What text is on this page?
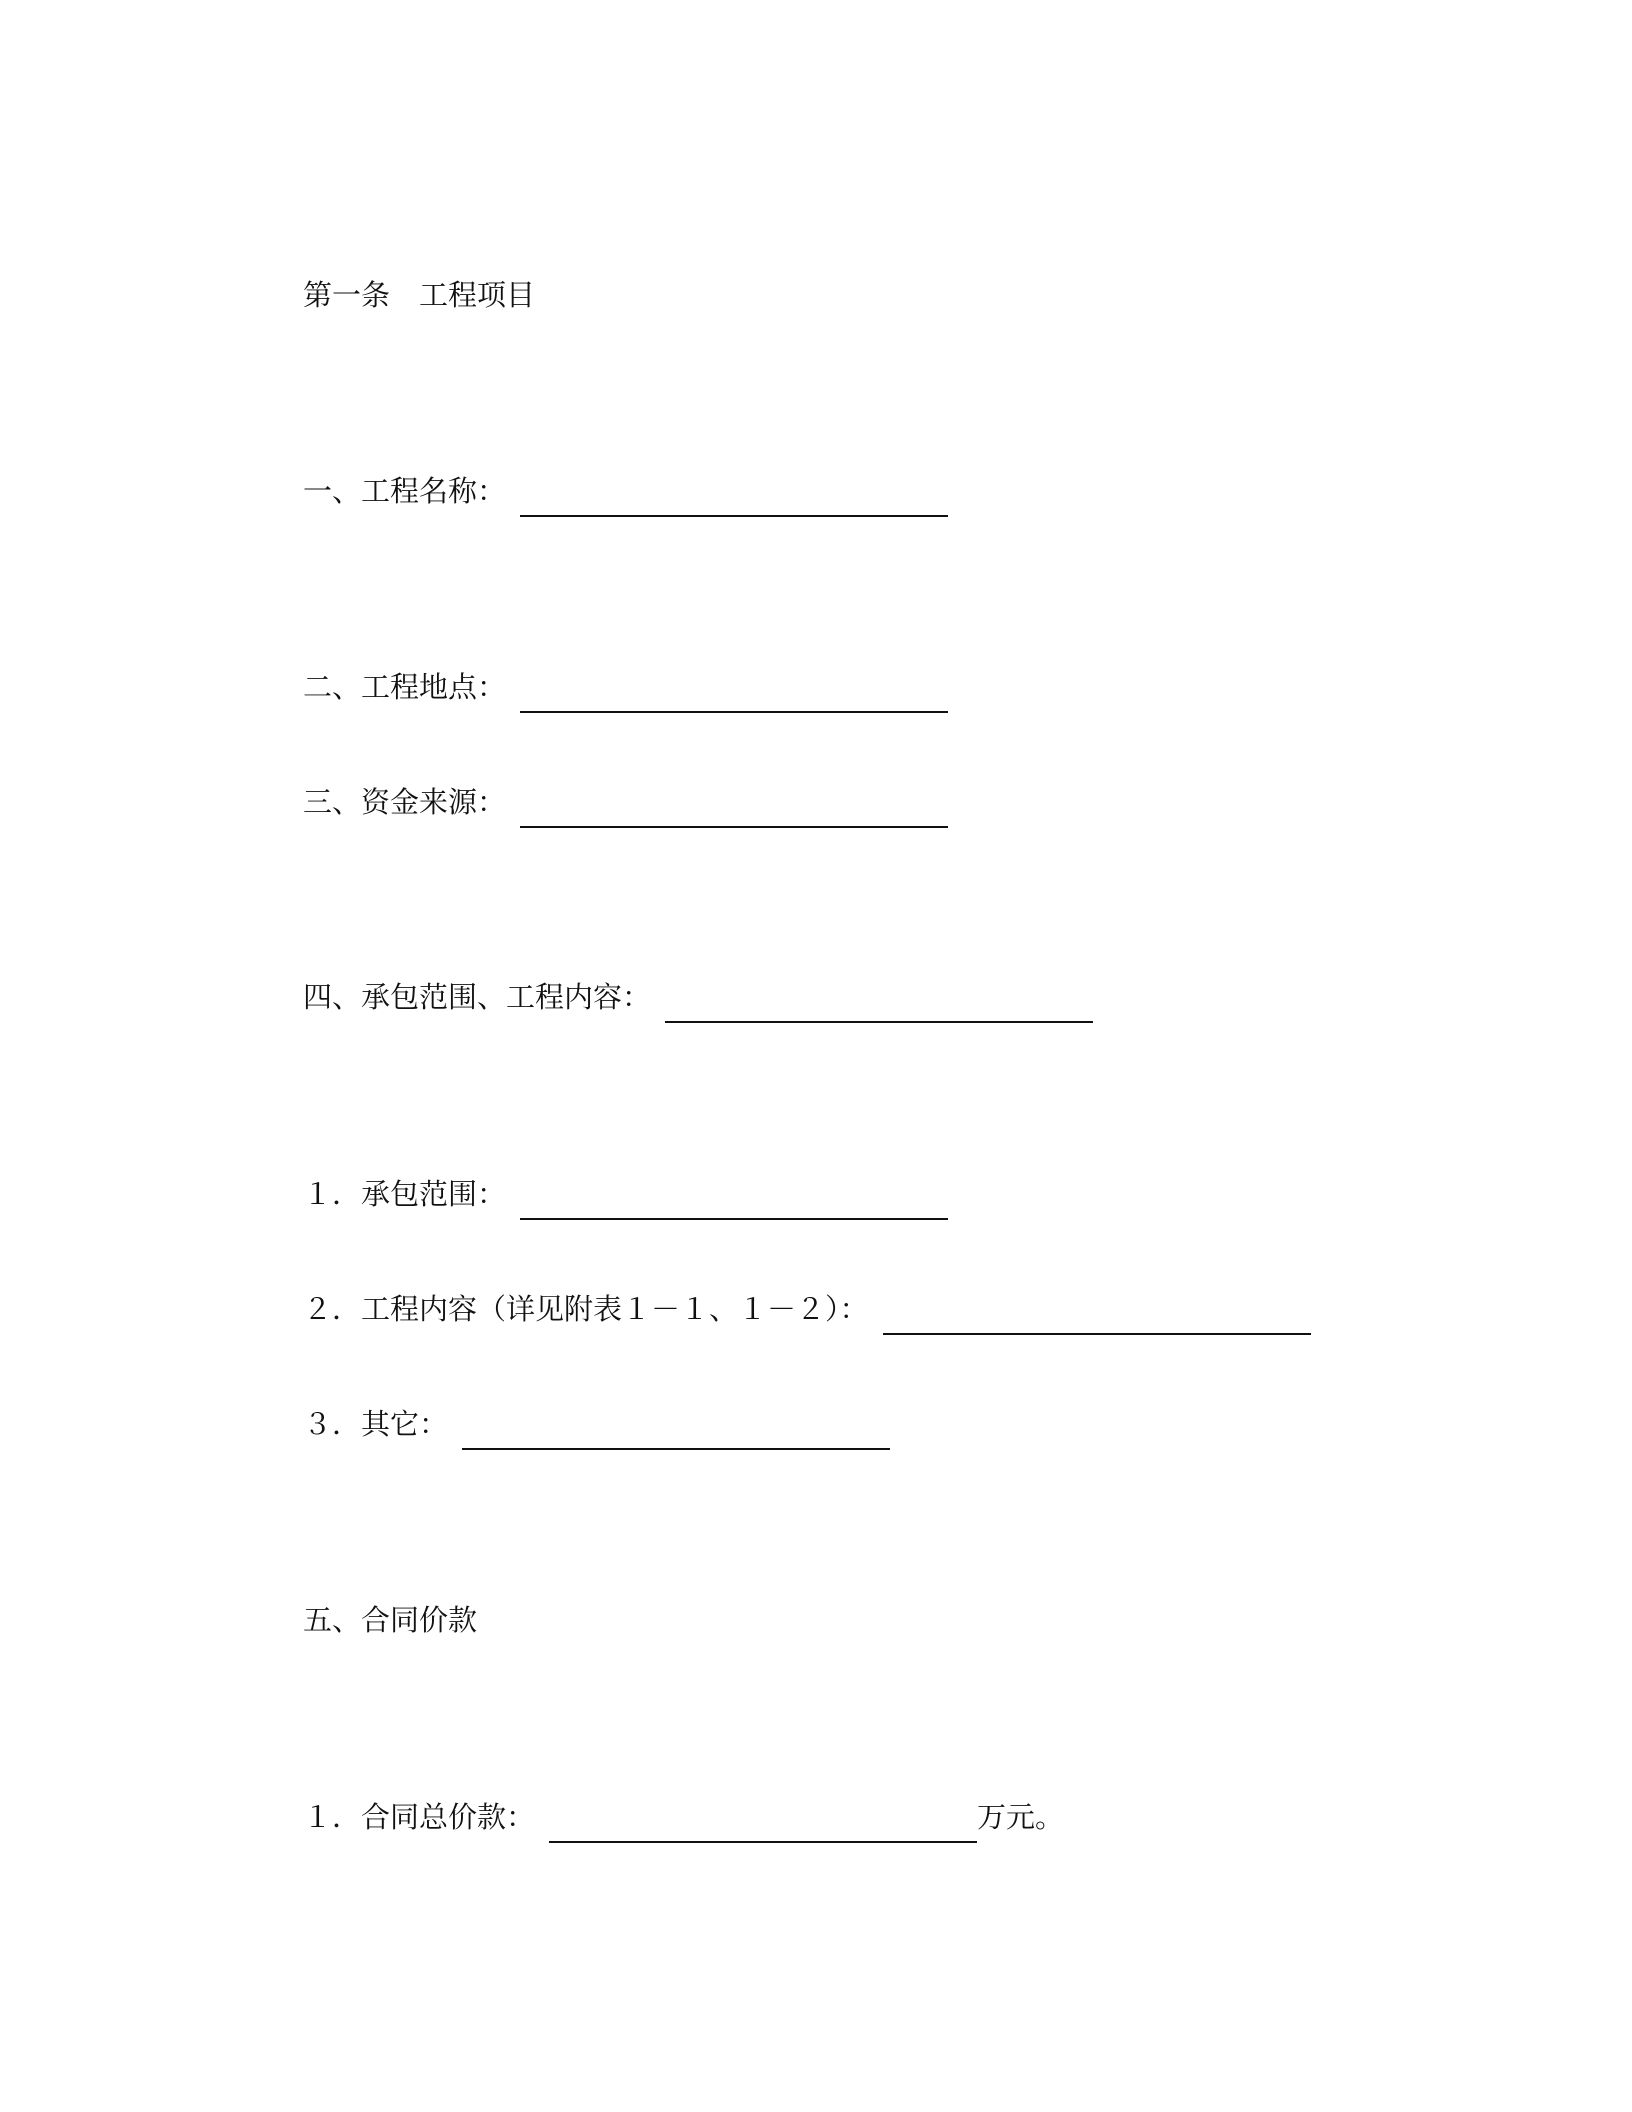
第一条　工程项目
一、工程名称：
二、工程地点：
三、资金来源：
四、承包范围、工程内容：
１．承包范围：
２．工程内容（详见附表１－１、１－２）：
３．其它：
五、合同价款
１．合同总价款：	万元。
